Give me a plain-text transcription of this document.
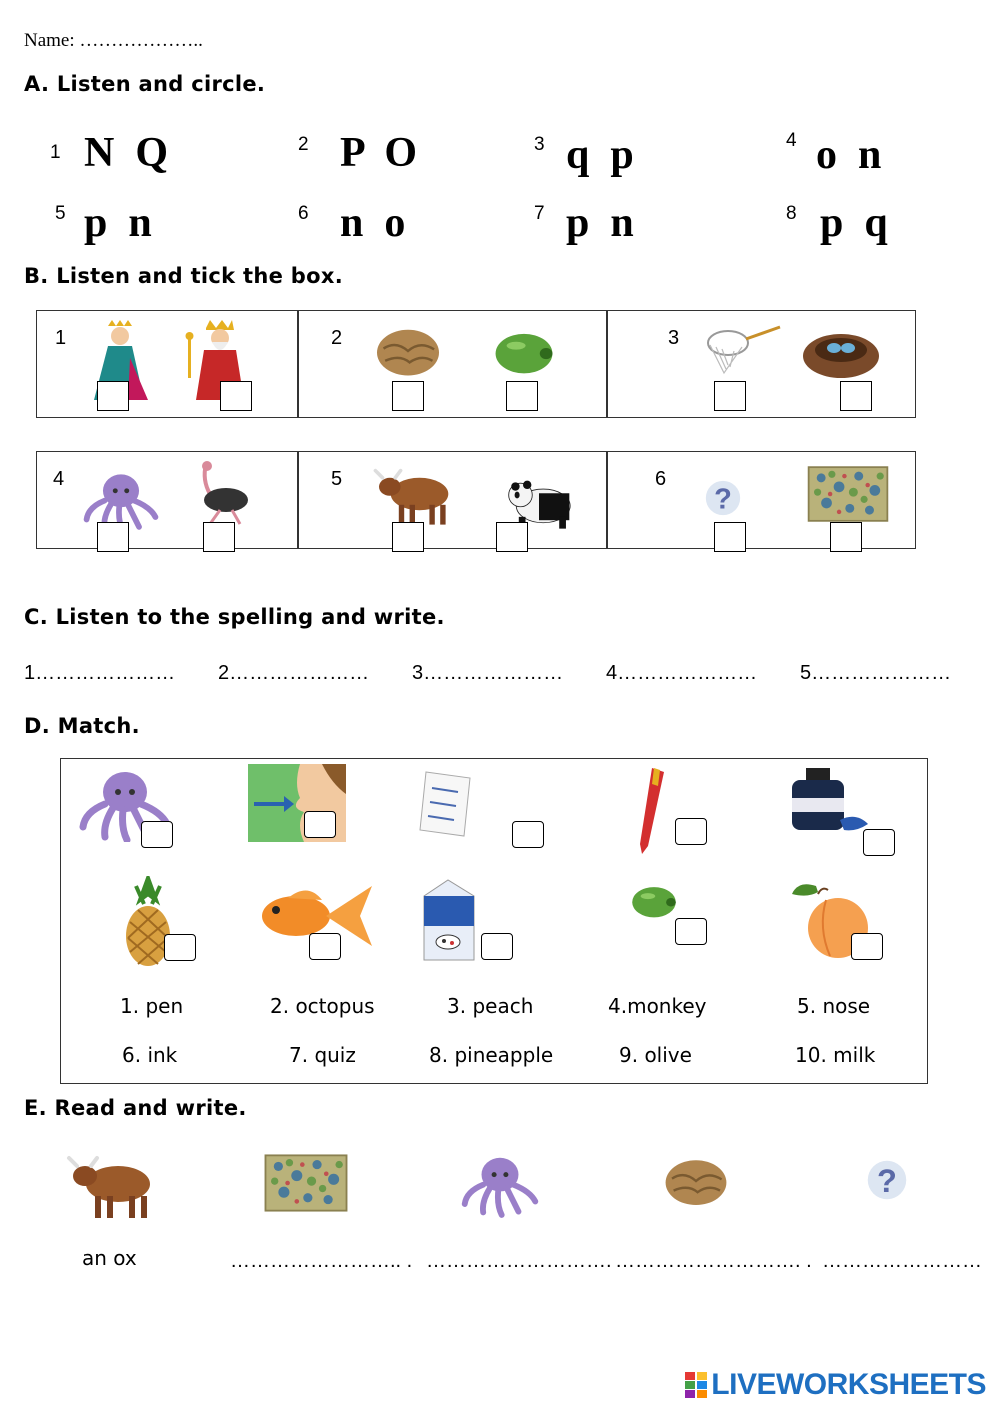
Name: ………………..
A. Listen and circle.
1 N  Q	2 P  O	3 q  p	4 o  n
5 p  n	6 n  o	7 p  n	8 p  q
B. Listen and tick the box.
1	2	3
4	5	6
C. Listen to the spelling and write.
1………………… 2………………… 3………………… 4………………… 5…………………
D. Match.
1. pen	2. octopus	3. peach	4.monkey	5. nose
6. ink	7. quiz	8. pineapple	9. olive	10. milk
E. Read and write.
an ox	…………………….. . ………………………. ………………………. . ……………………
LIVEWORKSHEETS
